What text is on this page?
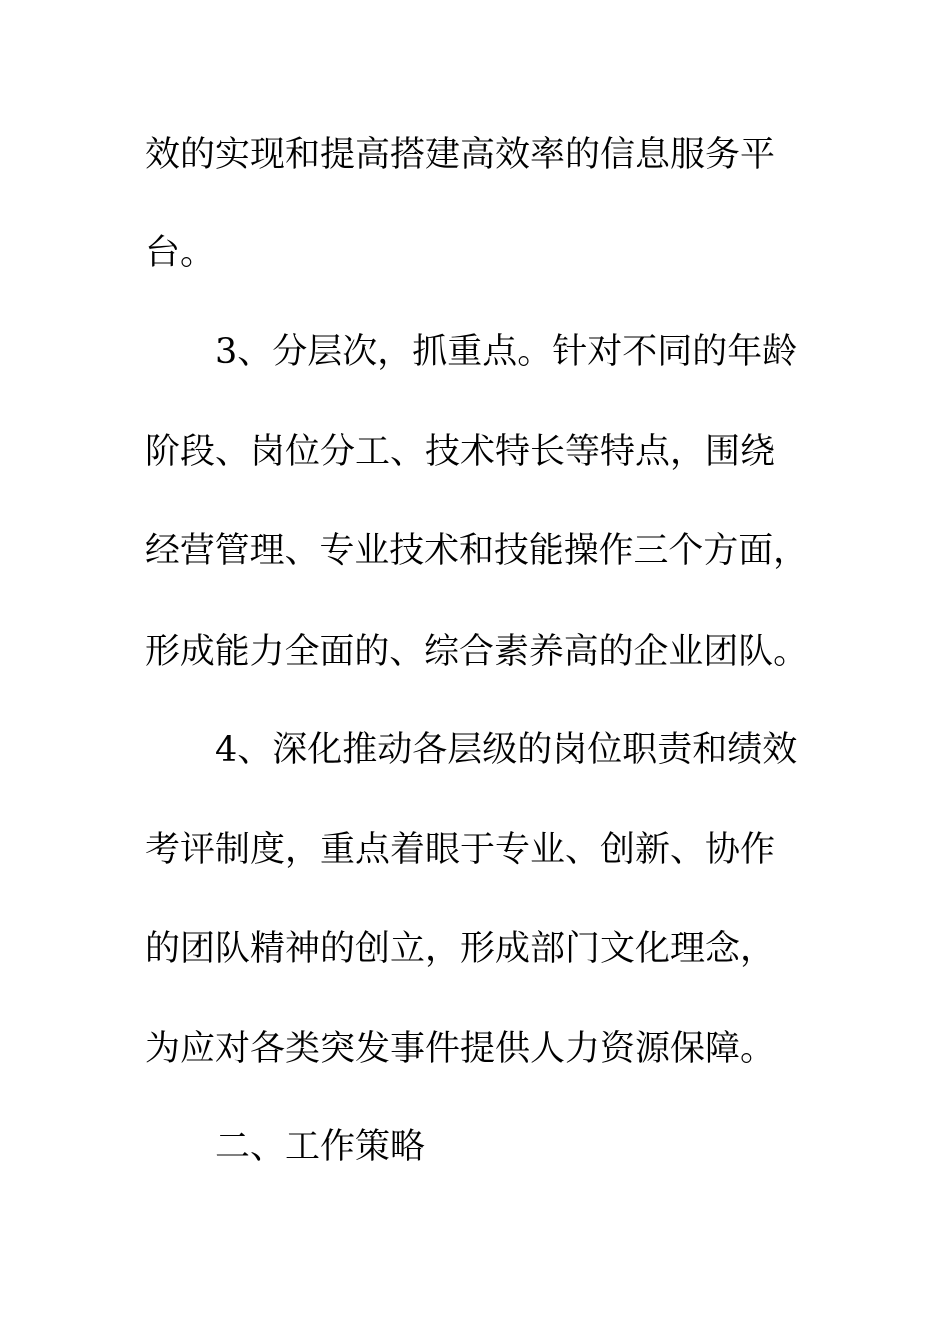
效的实现和提高搭建高效率的信息服务平
台。
3、分层次，抓重点。针对不同的年龄
阶段、岗位分工、技术特长等特点，围绕
经营管理、专业技术和技能操作三个方面，
形成能力全面的、综合素养高的企业团队。
4、深化推动各层级的岗位职责和绩效
考评制度，重点着眼于专业、创新、协作
的团队精神的创立，形成部门文化理念，
为应对各类突发事件提供人力资源保障。
二、工作策略
